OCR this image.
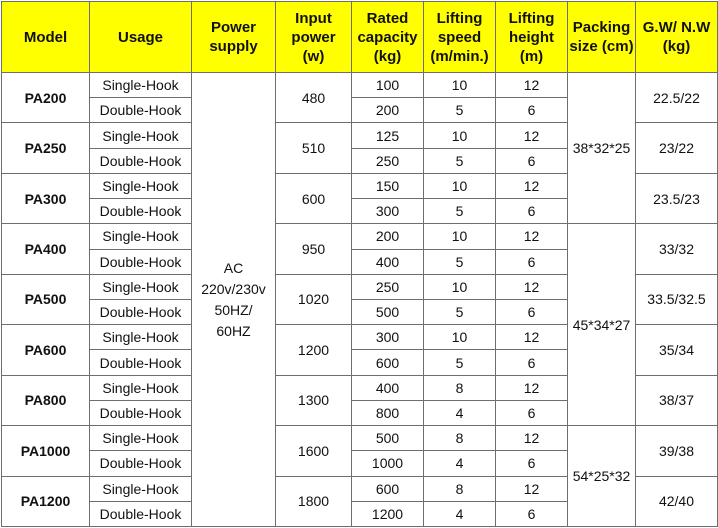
Model	Usage	Power
supply	Input
power
(w)	Rated
capacity
(kg)	Lifting
speed
(m/min.)	Lifting
height
(m)	Packing
size (cm)	G.W/ N.W
(kg)
PA200	Single-Hook	AC
220v/230v
50HZ/
60HZ	480	100	10	12	38*32*25	22.5/22
	Double-Hook			200	5	6		
PA250	Single-Hook		510	125	10	12		23/22
	Double-Hook			250	5	6		
PA300	Single-Hook		600	150	10	12		23.5/23
	Double-Hook			300	5	6		
PA400	Single-Hook		950	200	10	12	45*34*27	33/32
	Double-Hook			400	5	6		
PA500	Single-Hook		1020	250	10	12		33.5/32.5
	Double-Hook			500	5	6		
PA600	Single-Hook		1200	300	10	12		35/34
	Double-Hook			600	5	6		
PA800	Single-Hook		1300	400	8	12		38/37
	Double-Hook			800	4	6		
PA1000	Single-Hook		1600	500	8	12	54*25*32	39/38
	Double-Hook			1000	4	6		
PA1200	Single-Hook		1800	600	8	12		42/40
	Double-Hook			1200	4	6		
